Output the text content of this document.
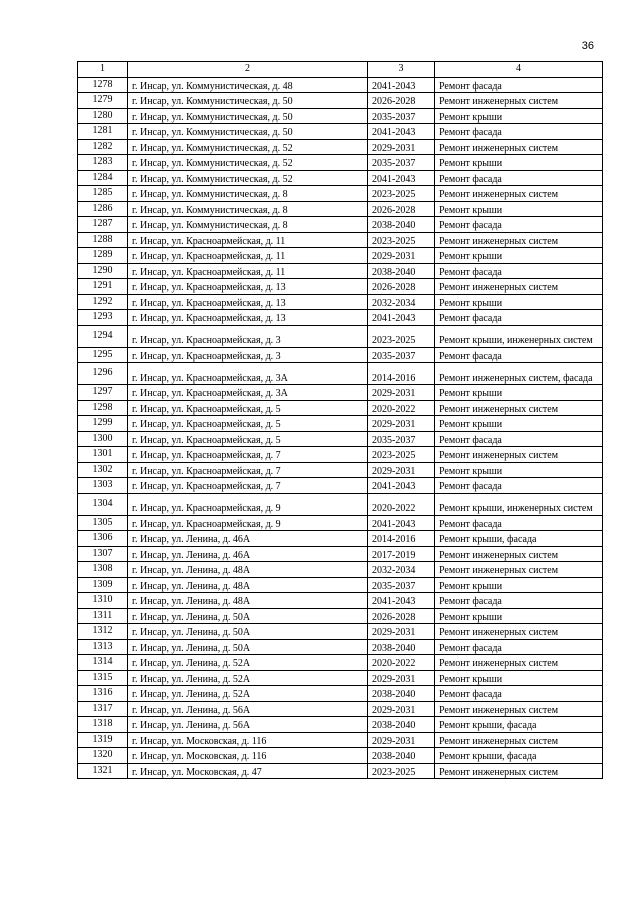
36
1	2	3	4
1278	г. Инсар, ул. Коммунистическая, д. 48	2041-2043	Ремонт фасада
1279	г. Инсар, ул. Коммунистическая, д. 50	2026-2028	Ремонт инженерных систем
1280	г. Инсар, ул. Коммунистическая, д. 50	2035-2037	Ремонт крыши
1281	г. Инсар, ул. Коммунистическая, д. 50	2041-2043	Ремонт фасада
1282	г. Инсар, ул. Коммунистическая, д. 52	2029-2031	Ремонт инженерных систем
1283	г. Инсар, ул. Коммунистическая, д. 52	2035-2037	Ремонт крыши
1284	г. Инсар, ул. Коммунистическая, д. 52	2041-2043	Ремонт фасада
1285	г. Инсар, ул. Коммунистическая, д. 8	2023-2025	Ремонт инженерных систем
1286	г. Инсар, ул. Коммунистическая, д. 8	2026-2028	Ремонт крыши
1287	г. Инсар, ул. Коммунистическая, д. 8	2038-2040	Ремонт фасада
1288	г. Инсар, ул. Красноармейская, д. 11	2023-2025	Ремонт инженерных систем
1289	г. Инсар, ул. Красноармейская, д. 11	2029-2031	Ремонт крыши
1290	г. Инсар, ул. Красноармейская, д. 11	2038-2040	Ремонт фасада
1291	г. Инсар, ул. Красноармейская, д. 13	2026-2028	Ремонт инженерных систем
1292	г. Инсар, ул. Красноармейская, д. 13	2032-2034	Ремонт крыши
1293	г. Инсар, ул. Красноармейская, д. 13	2041-2043	Ремонт фасада
1294	г. Инсар, ул. Красноармейская, д. 3	2023-2025	Ремонт крыши, инженерных систем
1295	г. Инсар, ул. Красноармейская, д. 3	2035-2037	Ремонт фасада
1296	г. Инсар, ул. Красноармейская, д. 3А	2014-2016	Ремонт инженерных систем, фасада
1297	г. Инсар, ул. Красноармейская, д. 3А	2029-2031	Ремонт крыши
1298	г. Инсар, ул. Красноармейская, д. 5	2020-2022	Ремонт инженерных систем
1299	г. Инсар, ул. Красноармейская, д. 5	2029-2031	Ремонт крыши
1300	г. Инсар, ул. Красноармейская, д. 5	2035-2037	Ремонт фасада
1301	г. Инсар, ул. Красноармейская, д. 7	2023-2025	Ремонт инженерных систем
1302	г. Инсар, ул. Красноармейская, д. 7	2029-2031	Ремонт крыши
1303	г. Инсар, ул. Красноармейская, д. 7	2041-2043	Ремонт фасада
1304	г. Инсар, ул. Красноармейская, д. 9	2020-2022	Ремонт крыши, инженерных систем
1305	г. Инсар, ул. Красноармейская, д. 9	2041-2043	Ремонт фасада
1306	г. Инсар, ул. Ленина, д. 46А	2014-2016	Ремонт крыши, фасада
1307	г. Инсар, ул. Ленина, д. 46А	2017-2019	Ремонт инженерных систем
1308	г. Инсар, ул. Ленина, д. 48А	2032-2034	Ремонт инженерных систем
1309	г. Инсар, ул. Ленина, д. 48А	2035-2037	Ремонт крыши
1310	г. Инсар, ул. Ленина, д. 48А	2041-2043	Ремонт фасада
1311	г. Инсар, ул. Ленина, д. 50А	2026-2028	Ремонт крыши
1312	г. Инсар, ул. Ленина, д. 50А	2029-2031	Ремонт инженерных систем
1313	г. Инсар, ул. Ленина, д. 50А	2038-2040	Ремонт фасада
1314	г. Инсар, ул. Ленина, д. 52А	2020-2022	Ремонт инженерных систем
1315	г. Инсар, ул. Ленина, д. 52А	2029-2031	Ремонт крыши
1316	г. Инсар, ул. Ленина, д. 52А	2038-2040	Ремонт фасада
1317	г. Инсар, ул. Ленина, д. 56А	2029-2031	Ремонт инженерных систем
1318	г. Инсар, ул. Ленина, д. 56А	2038-2040	Ремонт крыши, фасада
1319	г. Инсар, ул. Московская, д. 116	2029-2031	Ремонт инженерных систем
1320	г. Инсар, ул. Московская, д. 116	2038-2040	Ремонт крыши, фасада
1321	г. Инсар, ул. Московская, д. 47	2023-2025	Ремонт инженерных систем
